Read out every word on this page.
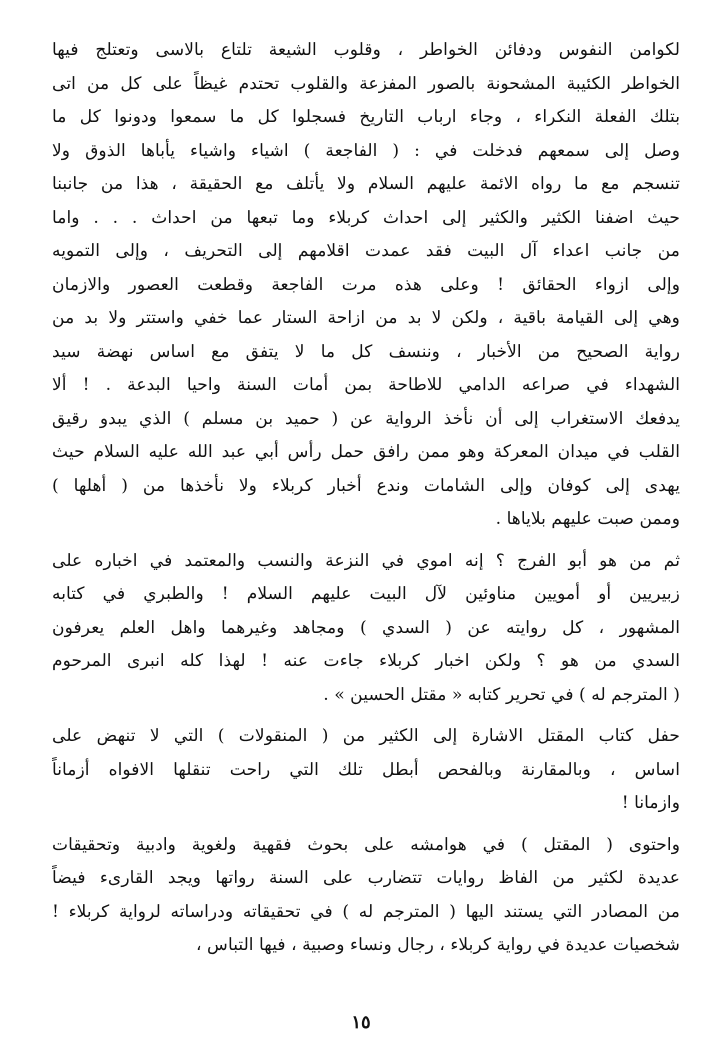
لكوامن النفوس ودفائن الخواطر ، وقلوب الشيعة تلتاع بالاسى وتعتلج فيها
الخواطر الكئيبة المشحونة بالصور المفزعة والقلوب تحتدم غيظاً على كل من اتى
بتلك الفعلة النكراء ، وجاء ارباب التاريخ فسجلوا كل ما سمعوا ودونوا كل ما
وصل إلى سمعهم فدخلت في : ( الفاجعة ) اشياء واشياء يأباها الذوق ولا
تنسجم مع ما رواه الائمة عليهم السلام ولا يأتلف مع الحقيقة ، هذا من جانبنا
حيث اضفنا الكثير والكثير إلى احداث كربلاء وما تبعها من احداث . . . واما
من جانب اعداء آل البيت فقد عمدت اقلامهم إلى التحريف ، وإلى التمويه
وإلى ازواء الحقائق ! وعلى هذه مرت الفاجعة وقطعت العصور والازمان
وهي إلى القيامة باقية ، ولكن لا بد من ازاحة الستار عما خفي واستتر ولا بد من
رواية الصحيح من الأخبار ، وننسف كل ما لا يتفق مع اساس نهضة سيد
الشهداء في صراعه الدامي للاطاحة بمن أمات السنة واحيا البدعة . ! ألا
يدفعك الاستغراب إلى أن نأخذ الرواية عن ( حميد بن مسلم ) الذي يبدو رقيق
القلب في ميدان المعركة وهو ممن رافق حمل رأس أبي عبد الله عليه السلام حيث
يهدى إلى كوفان وإلى الشامات وندع أخبار كربلاء ولا نأخذها من ( أهلها )
وممن صبت عليهم بلاياها .
ثم من هو أبو الفرج ؟ إنه اموي في النزعة والنسب والمعتمد في اخباره على
زبيريين أو أمويين مناوئين لآل البيت عليهم السلام ! والطبري في كتابه
المشهور ، كل روايته عن ( السدي ) ومجاهد وغيرهما واهل العلم يعرفون
السدي من هو ؟ ولكن اخبار كربلاء جاءت عنه ! لهذا كله انبرى المرحوم
( المترجم له ) في تحرير كتابه « مقتل الحسين » .
حفل كتاب المقتل الاشارة إلى الكثير من ( المنقولات ) التي لا تنهض على
اساس ، وبالمقارنة وبالفحص أبطل تلك التي راحت تنقلها الافواه أزماناً
وازمانا !
واحتوى ( المقتل ) في هوامشه على بحوث فقهية ولغوية وادبية وتحقيقات
عديدة لكثير من الفاظ روايات تتضارب على السنة رواتها ويجد القارىء فيضاً
من المصادر التي يستند اليها ( المترجم له ) في تحقيقاته ودراساته لرواية كربلاء !
شخصيات عديدة في رواية كربلاء ، رجال ونساء وصبية ، فيها التباس ،
١٥
